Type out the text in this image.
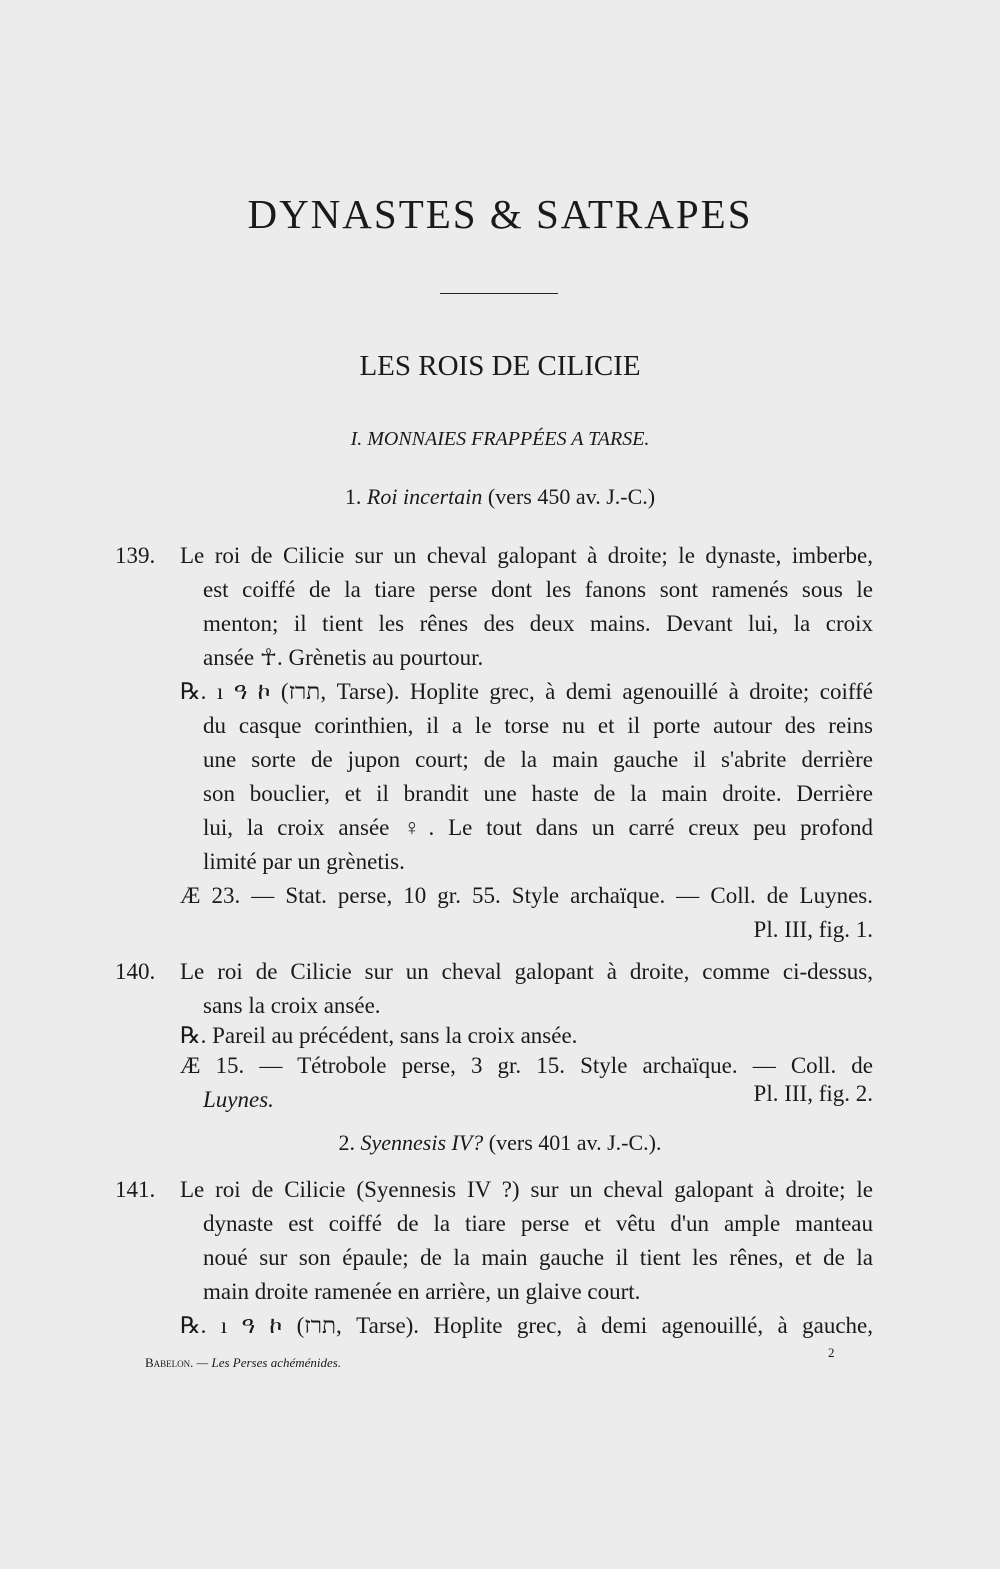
DYNASTES & SATRAPES
LES ROIS DE CILICIE
I. MONNAIES FRAPPÉES A TARSE.
1. Roi incertain (vers 450 av. J.-C.)
139. Le roi de Cilicie sur un cheval galopant à droite; le dynaste, imberbe,
est coiffé de la tiare perse dont les fanons sont ramenés sous le
menton; il tient les rênes des deux mains. Devant lui, la croix
ansée ☥. Grènetis au pourtour.
℞. ı ዓ ኮ (תרז, Tarse). Hoplite grec, à demi agenouillé à droite; coiffé
du casque corinthien, il a le torse nu et il porte autour des reins
une sorte de jupon court; de la main gauche il s'abrite derrière
son bouclier, et il brandit une haste de la main droite. Derrière
lui, la croix ansée ♀. Le tout dans un carré creux peu profond
limité par un grènetis.
Æ 23. — Stat. perse, 10 gr. 55. Style archaïque. — Coll. de Luynes.
Pl. III, fig. 1.
140. Le roi de Cilicie sur un cheval galopant à droite, comme ci-dessus,
sans la croix ansée.
℞. Pareil au précédent, sans la croix ansée.
Æ 15. — Tétrobole perse, 3 gr. 15. Style archaïque. — Coll. de
Luynes.	Pl. III, fig. 2.
2. Syennesis IV? (vers 401 av. J.-C.).
141. Le roi de Cilicie (Syennesis IV ?) sur un cheval galopant à droite; le
dynaste est coiffé de la tiare perse et vêtu d'un ample manteau
noué sur son épaule; de la main gauche il tient les rênes, et de la
main droite ramenée en arrière, un glaive court.
℞. ı ዓ ኮ (תרז, Tarse). Hoplite grec, à demi agenouillé, à gauche,
Babelon. — Les Perses achéménides.
2
